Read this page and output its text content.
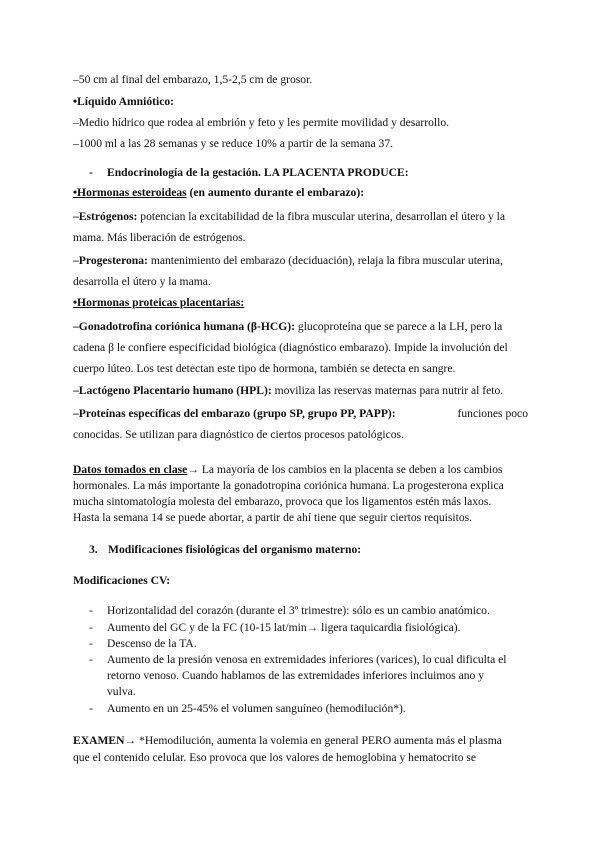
–50 cm al final del embarazo, 1,5-2,5 cm de grosor.
•Líquido Amniótico:
–Medio hídrico que rodea al embrión y feto y les permite movilidad y desarrollo.
–1000 ml a las 28 semanas y se reduce 10% a partir de la semana 37.
- Endocrinología de la gestación. LA PLACENTA PRODUCE:
•Hormonas esteroideas (en aumento durante el embarazo):
–Estrógenos: potencian la excitabilidad de la fibra muscular uterina, desarrollan el útero y la
mama. Más liberación de estrógenos.
–Progesterona: mantenimiento del embarazo (deciduación), relaja la fibra muscular uterina,
desarrolla el útero y la mama.
•Hormonas proteicas placentarias:
–Gonadotrofina coriónica humana (β-HCG): glucoproteína que se parece a la LH, pero la
cadena β le confiere especificidad biológica (diagnóstico embarazo). Impide la involución del
cuerpo lúteo. Los test detectan este tipo de hormona, también se detecta en sangre.
–Lactógeno Placentario humano (HPL): moviliza las reservas maternas para nutrir al feto.
–Proteínas específicas del embarazo (grupo SP, grupo PP, PAPP):	funciones poco
conocidas. Se utilizan para diagnóstico de ciertos procesos patológicos.
Datos tomados en clase→ La mayoría de los cambios en la placenta se deben a los cambios
hormonales. La más importante la gonadotropina coriónica humana. La progesterona explica
mucha sintomatología molesta del embarazo, provoca que los ligamentos estén más laxos.
Hasta la semana 14 se puede abortar, a partir de ahí tiene que seguir ciertos requisitos.
3. Modificaciones fisiológicas del organismo materno:
Modificaciones CV:
- Horizontalidad del corazón (durante el 3º trimestre): sólo es un cambio anatómico.
- Aumento del GC y de la FC (10-15 lat/min→ ligera taquicardia fisiológica).
- Descenso de la TA.
- Aumento de la presión venosa en extremidades inferiores (varices), lo cual dificulta el
retorno venoso. Cuando hablamos de las extremidades inferiores incluimos ano y
vulva.
- Aumento en un 25-45% el volumen sanguíneo (hemodilución*).
EXAMEN→ *Hemodilución, aumenta la volemia en general PERO aumenta más el plasma
que el contenido celular. Eso provoca que los valores de hemoglobina y hematocrito se
